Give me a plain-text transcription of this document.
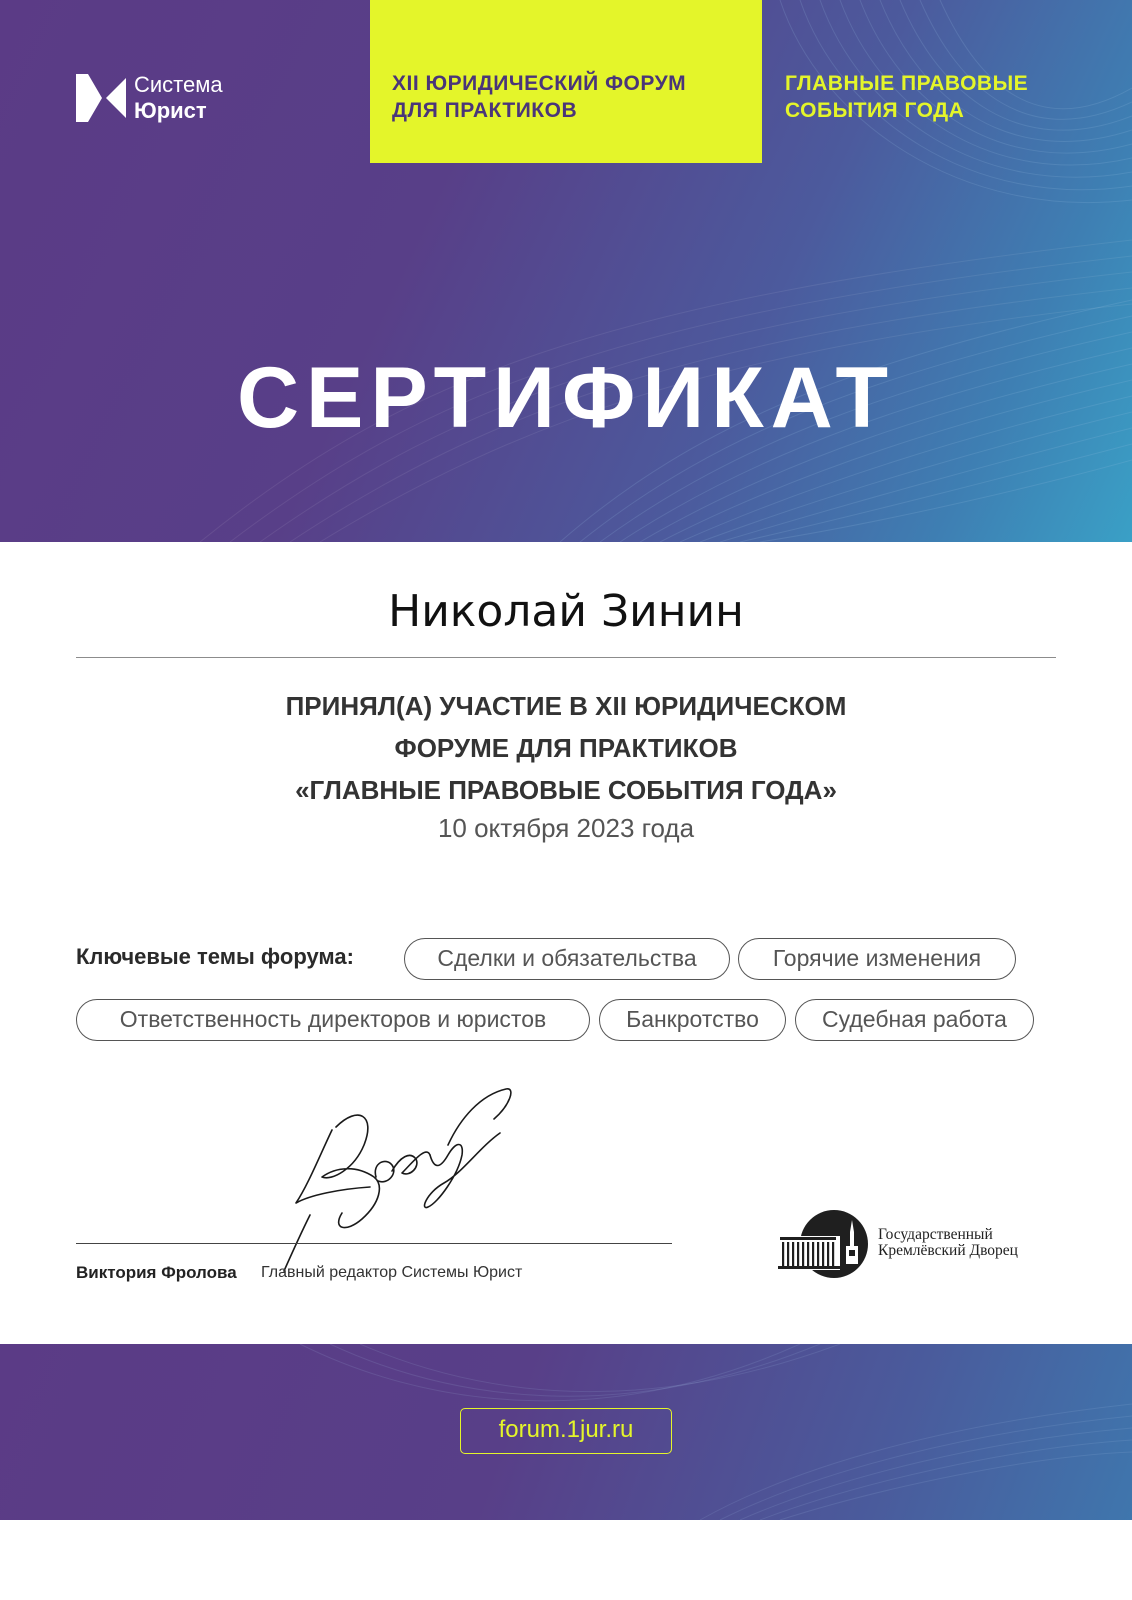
Система
Юрист
XII ЮРИДИЧЕСКИЙ ФОРУМ
ДЛЯ ПРАКТИКОВ
ГЛАВНЫЕ ПРАВОВЫЕ
СОБЫТИЯ ГОДА
СЕРТИФИКАТ
Николай Зинин
ПРИНЯЛ(А) УЧАСТИЕ В XII ЮРИДИЧЕСКОМ
ФОРУМЕ ДЛЯ ПРАКТИКОВ
«ГЛАВНЫЕ ПРАВОВЫЕ СОБЫТИЯ ГОДА»
10 октября 2023 года
Ключевые темы форума:	Сделки и обязательства	Горячие изменения
Ответственность директоров и юристов	Банкротство	Судебная работа
Виктория Фролова Главный редактор Системы Юрист
Государственный
Кремлёвский Дворец
forum.1jur.ru
